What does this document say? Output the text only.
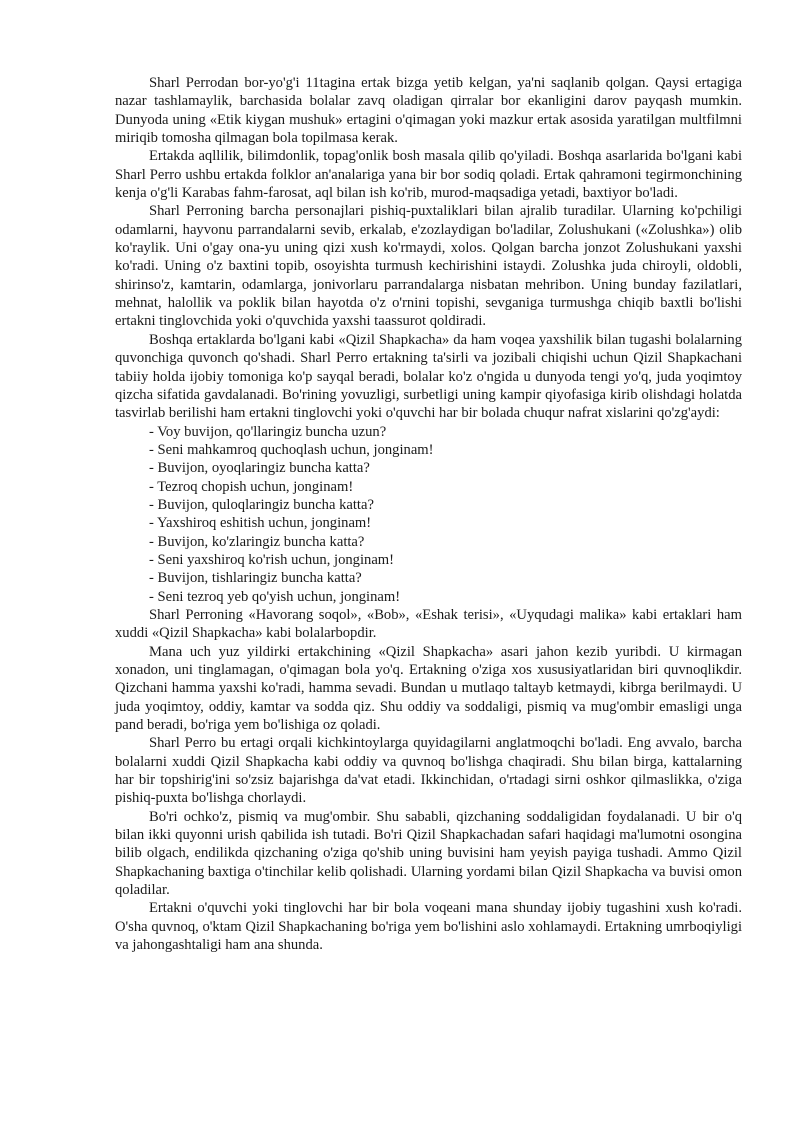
Sharl Perrodan bor-yo'g'i 11tagina ertak bizga yetib kelgan, ya'ni saqlanib qolgan. Qaysi ertagiga nazar tashlamaylik, barchasida bolalar zavq oladigan qirralar bor ekanligini darov payqash mumkin. Dunyoda uning «Etik kiygan mushuk» ertagini o'qimagan yoki mazkur ertak asosida yaratilgan multfilmni miriqib tomosha qilmagan bola topilmasa kerak.

Ertakda aqllilik, bilimdonlik, topag'onlik bosh masala qilib qo'yiladi. Boshqa asarlarida bo'lgani kabi Sharl Perro ushbu ertakda folklor an'analariga yana bir bor sodiq qoladi. Ertak qahramoni tegirmonchining kenja o'g'li Karabas fahm-farosat, aql bilan ish ko'rib, murod-maqsadiga yetadi, baxtiyor bo'ladi.

Sharl Perroning barcha personajlari pishiq-puxtaliklari bilan ajralib turadilar. Ularning ko'pchiligi odamlarni, hayvonu parrandalarni sevib, erkalab, e'zozlaydigan bo'ladilar, Zolushukani («Zolushka») olib ko'raylik. Uni o'gay ona-yu uning qizi xush ko'rmaydi, xolos. Qolgan barcha jonzot Zolushukani yaxshi ko'radi. Uning o'z baxtini topib, osoyishta turmush kechirishini istaydi. Zolushka juda chiroyli, oldobli, shirinso'z, kamtarin, odamlarga, jonivorlaru parrandalarga nisbatan mehribon. Uning bunday fazilatlari, mehnat, halollik va poklik bilan hayotda o'z o'rnini topishi, sevganiga turmushga chiqib baxtli bo'lishi ertakni tinglovchida yoki o'quvchida yaxshi taassurot qoldiradi.

Boshqa ertaklarda bo'lgani kabi «Qizil Shapkacha» da ham voqea yaxshilik bilan tugashi bolalarning quvonchiga quvonch qo'shadi. Sharl Perro ertakning ta'sirli va jozibali chiqishi uchun Qizil Shapkachani tabiiy holda ijobiy tomoniga ko'p sayqal beradi, bolalar ko'z o'ngida u dunyoda tengi yo'q, juda yoqimtoy qizcha sifatida gavdalanadi. Bo'rining yovuzligi, surbetligi uning kampir qiyofasiga kirib olishdagi holatda tasvirlab berilishi ham ertakni tinglovchi yoki o'quvchi har bir bolada chuqur nafrat xislarini qo'zg'aydi:

- Voy buvijon, qo'llaringiz buncha uzun?

- Seni mahkamroq quchoqlash uchun, jonginam!

- Buvijon, oyoqlaringiz buncha katta?

- Tezroq chopish uchun, jonginam!

- Buvijon, quloqlaringiz buncha katta?

- Yaxshiroq eshitish uchun, jonginam!

- Buvijon, ko'zlaringiz buncha katta?

- Seni yaxshiroq ko'rish uchun, jonginam!

- Buvijon, tishlaringiz buncha katta?

- Seni tezroq yeb qo'yish uchun, jonginam!

Sharl Perroning «Havorang soqol», «Bob», «Eshak terisi», «Uyqudagi malika» kabi ertaklari ham xuddi «Qizil Shapkacha» kabi bolalarbopdir.

Mana uch yuz yildirki ertakchining «Qizil Shapkacha» asari jahon kezib yuribdi. U kirmagan xonadon, uni tinglamagan, o'qimagan bola yo'q. Ertakning o'ziga xos xususiyatlaridan biri quvnoqlikdir. Qizchani hamma yaxshi ko'radi, hamma sevadi. Bundan u mutlaqo taltayb ketmaydi, kibrga berilmaydi. U juda yoqimtoy, oddiy, kamtar va sodda qiz. Shu oddiy va soddaligi, pismiq va mug'ombir emasligi unga pand beradi, bo'riga yem bo'lishiga oz qoladi.

Sharl Perro bu ertagi orqali kichkintoylarga quyidagilarni anglatmoqchi bo'ladi. Eng avvalo, barcha bolalarni xuddi Qizil Shapkacha kabi oddiy va quvnoq bo'lishga chaqiradi. Shu bilan birga, kattalarning har bir topshirig'ini so'zsiz bajarishga da'vat etadi. Ikkinchidan, o'rtadagi sirni oshkor qilmaslikka, o'ziga pishiq-puxta bo'lishga chorlaydi.

Bo'ri ochko'z, pismiq va mug'ombir. Shu sababli, qizchaning soddaligidan foydalanadi. U bir o'q bilan ikki quyonni urish qabilida ish tutadi. Bo'ri Qizil Shapkachadan safari haqidagi ma'lumotni osongina bilib olgach, endilikda qizchaning o'ziga qo'shib uning buvisini ham yeyish payiga tushadi. Ammo Qizil Shapkachaning baxtiga o'tinchilar kelib qolishadi. Ularning yordami bilan Qizil Shapkacha va buvisi omon qoladilar.

Ertakni o'quvchi yoki tinglovchi har bir bola voqeani mana shunday ijobiy tugashini xush ko'radi. O'sha quvnoq, o'ktam Qizil Shapkachaning bo'riga yem bo'lishini aslo xohlamaydi. Ertakning umrboqiyligi va jahongashtaligi ham ana shunda.
